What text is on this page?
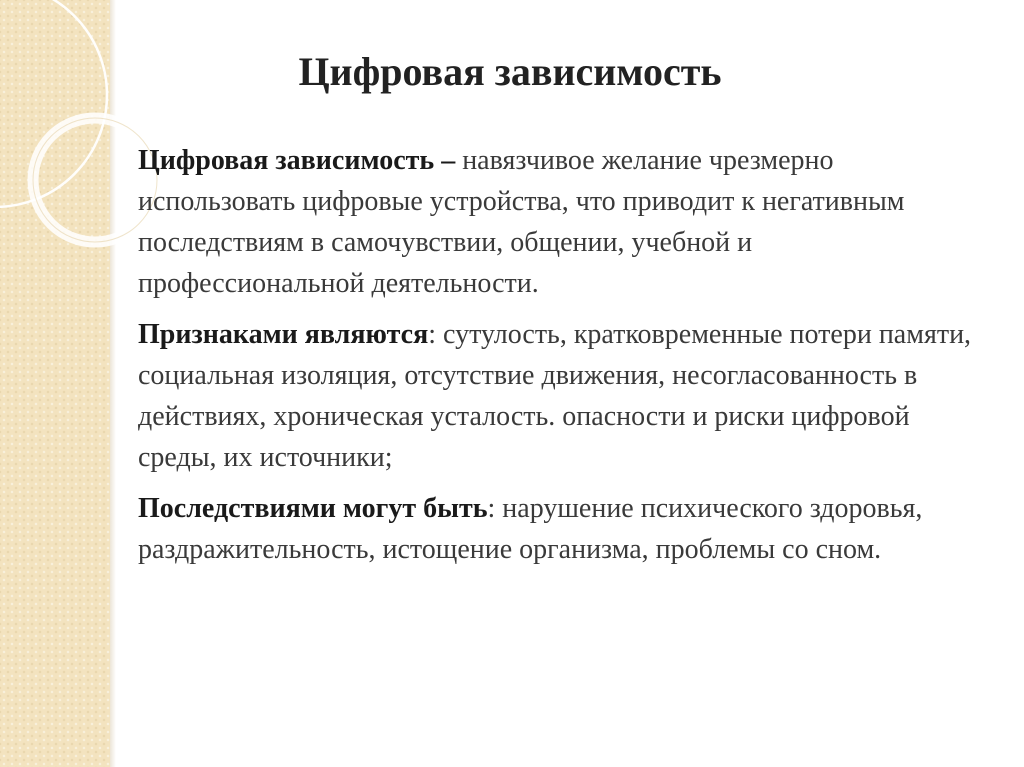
Цифровая зависимость

Цифровая зависимость – навязчивое желание чрезмерно использовать цифровые устройства, что приводит к негативным последствиям в самочувствии, общении, учебной и профессиональной деятельности.

Признаками являются: сутулость, кратковременные потери памяти, социальная изоляция, отсутствие движения, несогласованность в действиях, хроническая усталость. опасности и риски цифровой среды, их источники;

Последствиями могут быть: нарушение психического здоровья, раздражительность, истощение организма, проблемы со сном.
